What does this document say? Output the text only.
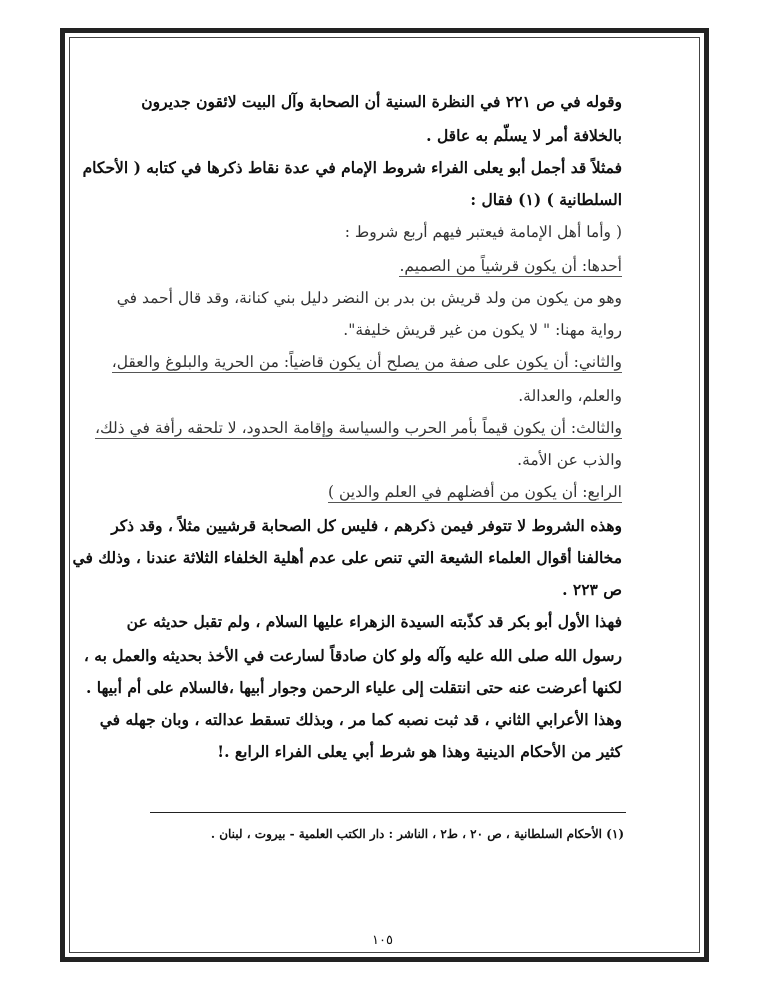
وقوله في ص ٢٢١ في النظرة السنية أن الصحابة وآل البيت لائقون جديرون
بالخلافة أمر لا يسلّم به عاقل .
فمثلاً قد أجمل أبو يعلى الفراء شروط الإمام في عدة نقاط ذكرها في كتابه ( الأحكام
السلطانية ) (١) فقال :
( وأما أهل الإمامة فيعتبر فيهم أربع شروط :
أحدها: أن يكون قرشياً من الصميم.
وهو من يكون من ولد قريش بن بدر بن النضر دليل بني كنانة، وقد قال أحمد في
رواية مهنا: " لا يكون من غير قريش خليفة".
والثاني: أن يكون على صفة من يصلح أن يكون قاضياً: من الحرية والبلوغ والعقل،
والعلم، والعدالة.
والثالث: أن يكون قيماً بأمر الحرب والسياسة وإقامة الحدود، لا تلحقه رأفة في ذلك،
والذب عن الأمة.
الرابع: أن يكون من أفضلهم في العلم والدين )
وهذه الشروط لا تتوفر فيمن ذكرهم ، فليس كل الصحابة قرشيين مثلاً ، وقد ذكر
مخالفنا أقوال العلماء الشيعة التي تنص على عدم أهلية الخلفاء الثلاثة عندنا ، وذلك في
ص ٢٢٣ .
فهذا الأول أبو بكر قد كذّبته السيدة الزهراء عليها السلام ، ولم تقبل حديثه عن
رسول الله صلى الله عليه وآله ولو كان صادقاً لسارعت في الأخذ بحديثه والعمل به ،
لكنها أعرضت عنه حتى انتقلت إلى علياء الرحمن وجوار أبيها ،فالسلام على أم أبيها .
وهذا الأعرابي الثاني ، قد ثبت نصبه كما مر ، وبذلك تسقط عدالته ، وبان جهله في
كثير من الأحكام الدينية وهذا هو شرط أبي يعلى الفراء الرابع .!
(١) الأحكام السلطانية ، ص ٢٠ ، ط٢ ، الناشر : دار الكتب العلمية - بيروت ، لبنان .
١٠٥
